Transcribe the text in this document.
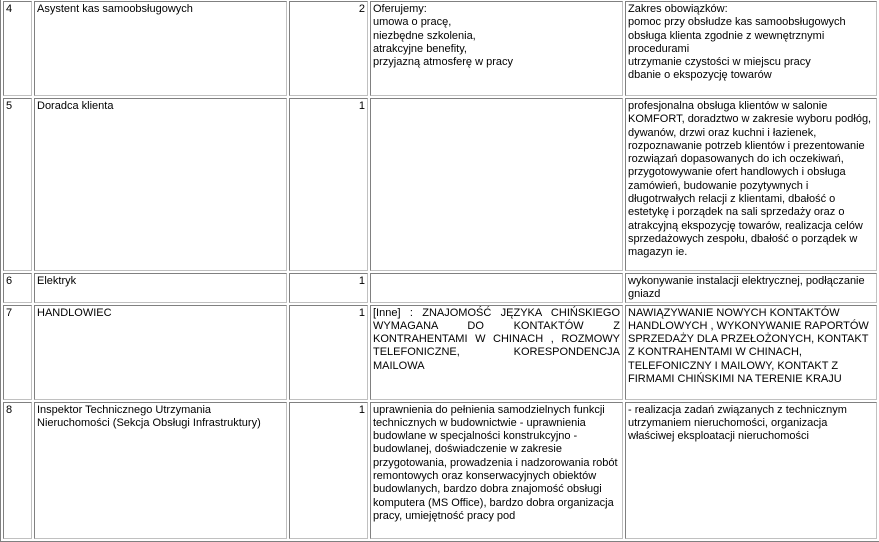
4	Asystent kas samoobsługowych	2	Oferujemy:
umowa o pracę,
niezbędne szkolenia,
atrakcyjne benefity,
przyjazną atmosferę w pracy	Zakres obowiązków:
pomoc przy obsłudze kas samoobsługowych
obsługa klienta zgodnie z wewnętrznymi procedurami
utrzymanie czystości w miejscu pracy
dbanie o ekspozycję towarów

5	Doradca klienta	1		profesjonalna obsługa klientów w salonie KOMFORT, doradztwo w zakresie wyboru podłóg, dywanów, drzwi oraz kuchni i łazienek, rozpoznawanie potrzeb klientów i prezentowanie rozwiązań dopasowanych do ich oczekiwań, przygotowywanie ofert handlowych i obsługa zamówień, budowanie pozytywnych i długotrwałych relacji z klientami, dbałość o estetykę i porządek na sali sprzedaży oraz o atrakcyjną ekspozycję towarów, realizacja celów sprzedażowych zespołu, dbałość o porządek w magazyn ie.
6	Elektryk	1		wykonywanie instalacji elektrycznej, podłączanie gniazd
7	HANDLOWIEC	1	[Inne] : ZNAJOMOŚĆ JĘZYKA CHIŃSKIEGO WYMAGANA DO KONTAKTÓW Z KONTRAHENTAMI W CHINACH , ROZMOWY TELEFONICZNE, KORESPONDENCJA MAILOWA	NAWIĄZYWANIE NOWYCH KONTAKTÓW HANDLOWYCH , WYKONYWANIE RAPORTÓW SPRZEDAŻY DLA PRZEŁOŻONYCH, KONTAKT Z KONTRAHENTAMI W CHINACH, TELEFONICZNY I MAILOWY, KONTAKT Z FIRMAMI CHIŃSKIMI NA TERENIE KRAJU
8	Inspektor Technicznego Utrzymania Nieruchomości (Sekcja Obsługi Infrastruktury)	1	uprawnienia do pełnienia samodzielnych funkcji technicznych w budownictwie - uprawnienia budowlane w specjalności konstrukcyjno - budowlanej, doświadczenie w zakresie przygotowania, prowadzenia i nadzorowania robót remontowych oraz konserwacyjnych obiektów budowlanych, bardzo dobra znajomość obsługi komputera (MS Office), bardzo dobra organizacja pracy, umiejętność pracy pod	- realizacja zadań związanych z technicznym utrzymaniem nieruchomości, organizacja właściwej eksploatacji nieruchomości
